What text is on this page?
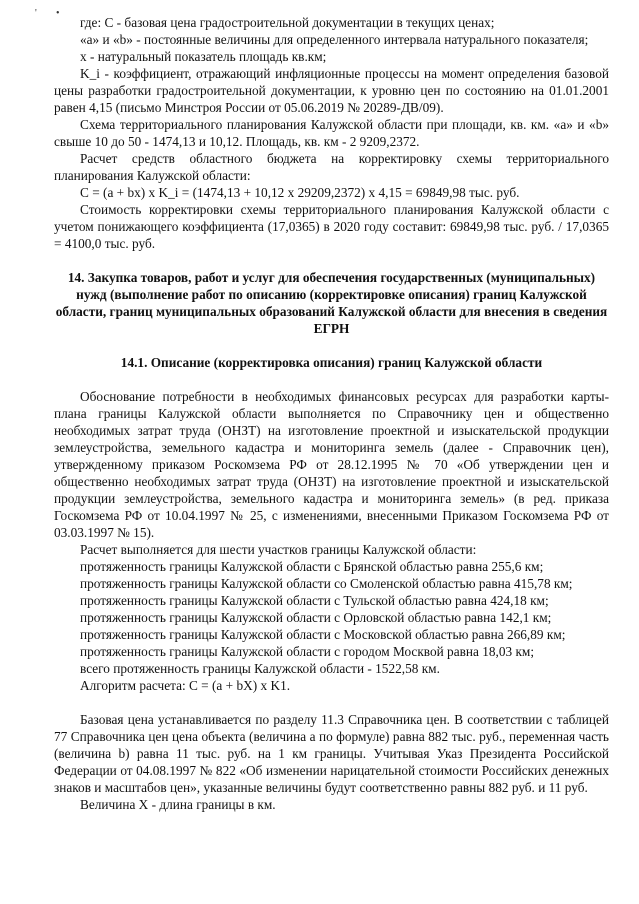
' •

где: C - базовая цена градостроительной документации в текущих ценах;

«а» и «b» - постоянные величины для определенного интервала натурального показателя;

x - натуральный показатель площадь кв.км;

K_i - коэффициент, отражающий инфляционные процессы на момент определения базовой цены разработки градостроительной документации, к уровню цен по состоянию на 01.01.2001 равен 4,15 (письмо Минстроя России от 05.06.2019 № 20289-ДВ/09).

Схема территориального планирования Калужской области при площади, кв. км. «а» и «b» свыше 10 до 50 - 1474,13 и 10,12. Площадь, кв. км - 2 9209,2372.

Расчет средств областного бюджета на корректировку схемы территориального планирования Калужской области:

C = (a + bx) x K_i = (1474,13 + 10,12 x 29209,2372) x 4,15 = 69849,98 тыс. руб.

Стоимость корректировки схемы территориального планирования Калужской области с учетом понижающего коэффициента (17,0365) в 2020 году составит: 69849,98 тыс. руб. / 17,0365 = 4100,0 тыс. руб.

14. Закупка товаров, работ и услуг для обеспечения государственных (муниципальных) нужд (выполнение работ по описанию (корректировке описания) границ Калужской области, границ муниципальных образований Калужской области для внесения в сведения ЕГРН

14.1. Описание (корректировка описания) границ Калужской области

Обоснование потребности в необходимых финансовых ресурсах для разработки карты-плана границы Калужской области выполняется по Справочнику цен и общественно необходимых затрат труда (ОНЗТ) на изготовление проектной и изыскательской продукции землеустройства, земельного кадастра и мониторинга земель (далее - Справочник цен), утвержденному приказом Роскомзема РФ от 28.12.1995 № 70 «Об утверждении цен и общественно необходимых затрат труда (ОНЗТ) на изготовление проектной и изыскательской продукции землеустройства, земельного кадастра и мониторинга земель» (в ред. приказа Госкомзема РФ от 10.04.1997 № 25, с изменениями, внесенными Приказом Госкомзема РФ от 03.03.1997 № 15).

Расчет выполняется для шести участков границы Калужской области:

протяженность границы Калужской области с Брянской областью равна 255,6 км;

протяженность границы Калужской области со Смоленской областью равна 415,78 км;

протяженность границы Калужской области с Тульской областью равна 424,18 км;

протяженность границы Калужской области с Орловской областью равна 142,1 км;

протяженность границы Калужской области с Московской областью равна 266,89 км;

протяженность границы Калужской области с городом Москвой равна 18,03 км;

всего протяженность границы Калужской области - 1522,58 км.

Алгоритм расчета: C = (a + bX) x K1.

Базовая цена устанавливается по разделу 11.3 Справочника цен. В соответствии с таблицей 77 Справочника цен цена объекта (величина а по формуле) равна 882 тыс. руб., переменная часть (величина b) равна 11 тыс. руб. на 1 км границы. Учитывая Указ Президента Российской Федерации от 04.08.1997 № 822 «Об изменении нарицательной стоимости Российских денежных знаков и масштабов цен», указанные величины будут соответственно равны 882 руб. и 11 руб.

Величина X - длина границы в км.
